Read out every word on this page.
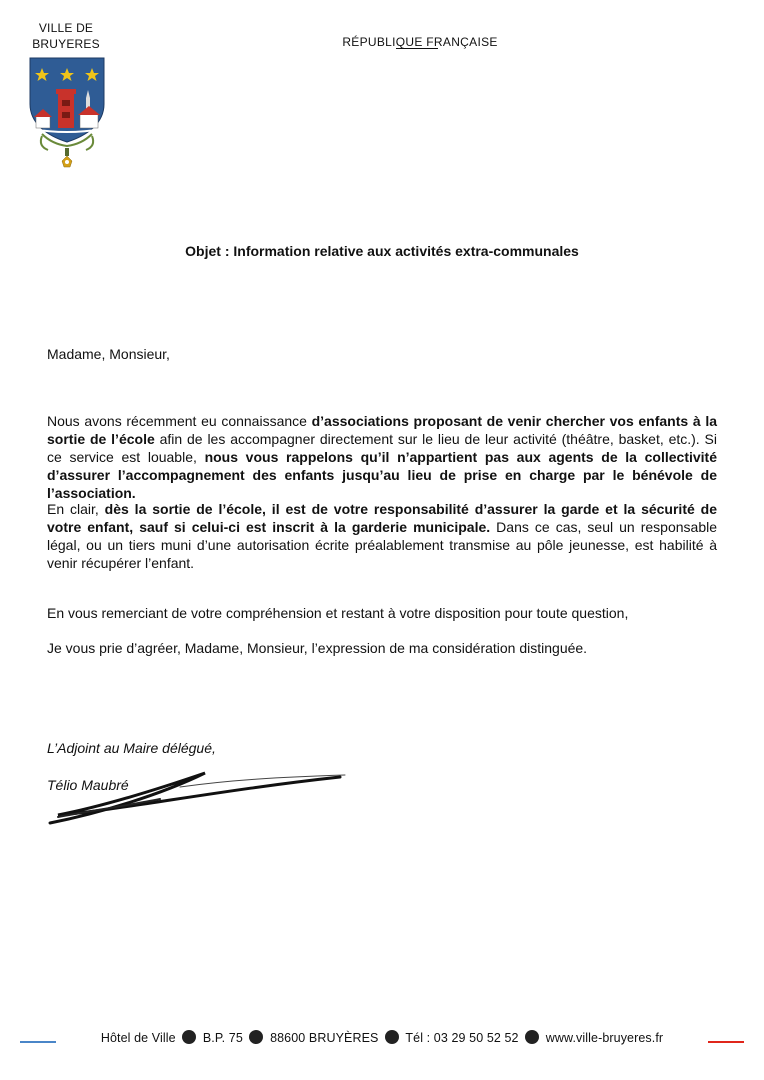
VILLE DE
BRUYERES	RÉPUBLIQUE FRANÇAISE
Objet : Information relative aux activités extra-communales
Madame, Monsieur,

Nous avons récemment eu connaissance d’associations proposant de venir chercher vos enfants à la sortie de l’école afin de les accompagner directement sur le lieu de leur activité (théâtre, basket, etc.). Si ce service est louable, nous vous rappelons qu’il n’appartient pas aux agents de la collectivité d’assurer l’accompagnement des enfants jusqu’au lieu de prise en charge par le bénévole de l’association.

En clair, dès la sortie de l’école, il est de votre responsabilité d’assurer la garde et la sécurité de votre enfant, sauf si celui-ci est inscrit à la garderie municipale. Dans ce cas, seul un responsable légal, ou un tiers muni d’une autorisation écrite préalablement transmise au pôle jeunesse, est habilité à venir récupérer l’enfant.

En vous remerciant de votre compréhension et restant à votre disposition pour toute question,

Je vous prie d’agréer, Madame, Monsieur, l’expression de ma considération distinguée.

L’Adjoint au Maire délégué,
Télio Maubré
Hôtel de Ville B.P. 75 88600 BRUYÈRES Tél : 03 29 50 52 52 www.ville-bruyeres.fr
